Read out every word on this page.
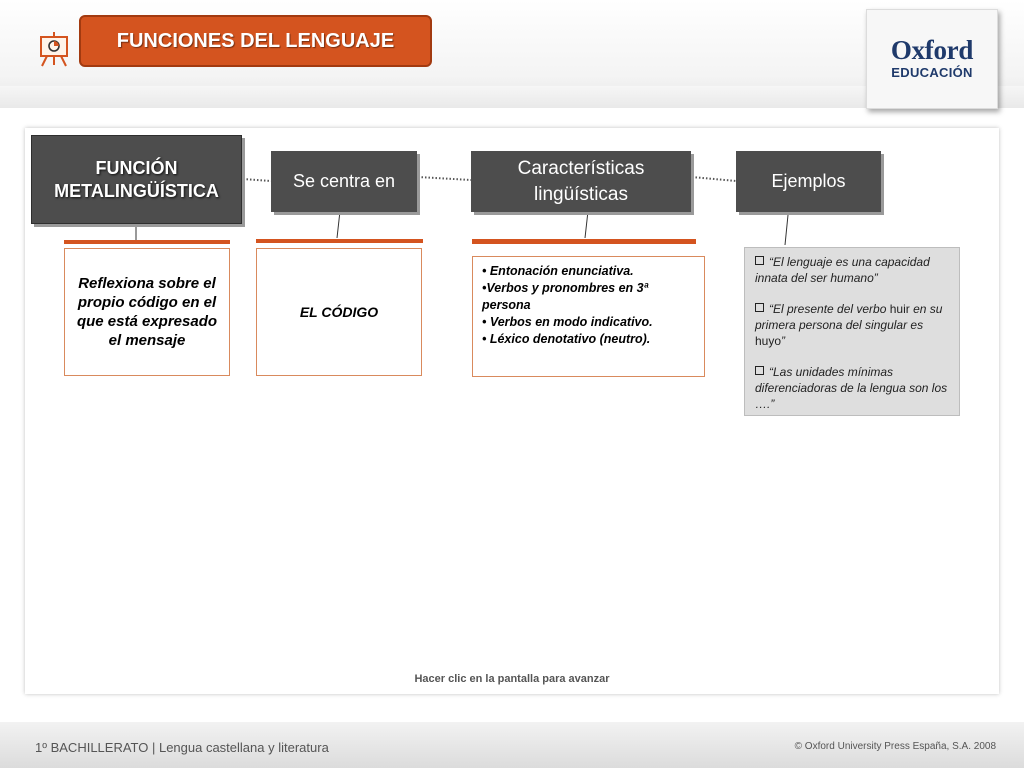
FUNCIONES DEL LENGUAJE	Oxford
EDUCACIÓN
FUNCIÓN METALINGÜÍSTICA	Se centra en
Características lingüísticas
Ejemplos
Reflexiona sobre el propio código en el que está expresado el mensaje
EL CÓDIGO
• Entonación enunciativa.
•Verbos y pronombres en 3ª persona
• Verbos en modo indicativo.
• Léxico denotativo (neutro).
“El lenguaje es una capacidad innata del ser humano”
“El presente del verbo huir en su primera persona del singular es huyo”
“Las unidades mínimas diferenciadoras de la lengua son los ….”
Hacer clic en la pantalla para avanzar
1º BACHILLERATO | Lengua castellana y literatura	© Oxford University Press España, S.A. 2008
